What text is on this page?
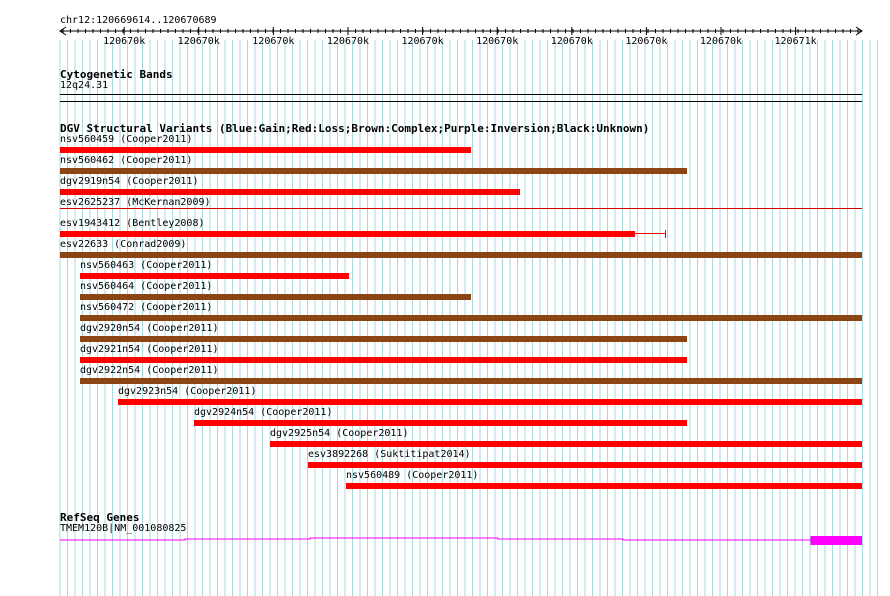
120670k	120670k	120670k	120670k	120670k	120670k	120670k	120670k	120670k	120671k
chr12:120669614..120670689
Cytogenetic Bands
12q24.31
DGV Structural Variants (Blue:Gain;Red:Loss;Brown:Complex;Purple:Inversion;Black:Unknown)
nsv560459 (Cooper2011)
nsv560462 (Cooper2011)
dgv2919n54 (Cooper2011)
esv2625237 (McKernan2009)
esv1943412 (Bentley2008)
esv22633 (Conrad2009)
nsv560463 (Cooper2011)
nsv560464 (Cooper2011)
nsv560472 (Cooper2011)
dgv2920n54 (Cooper2011)
dgv2921n54 (Cooper2011)
dgv2922n54 (Cooper2011)
dgv2923n54 (Cooper2011)
dgv2924n54 (Cooper2011)
dgv2925n54 (Cooper2011)
esv3892268 (Suktitipat2014)
nsv560489 (Cooper2011)
RefSeq Genes
TMEM120B|NM_001080825
